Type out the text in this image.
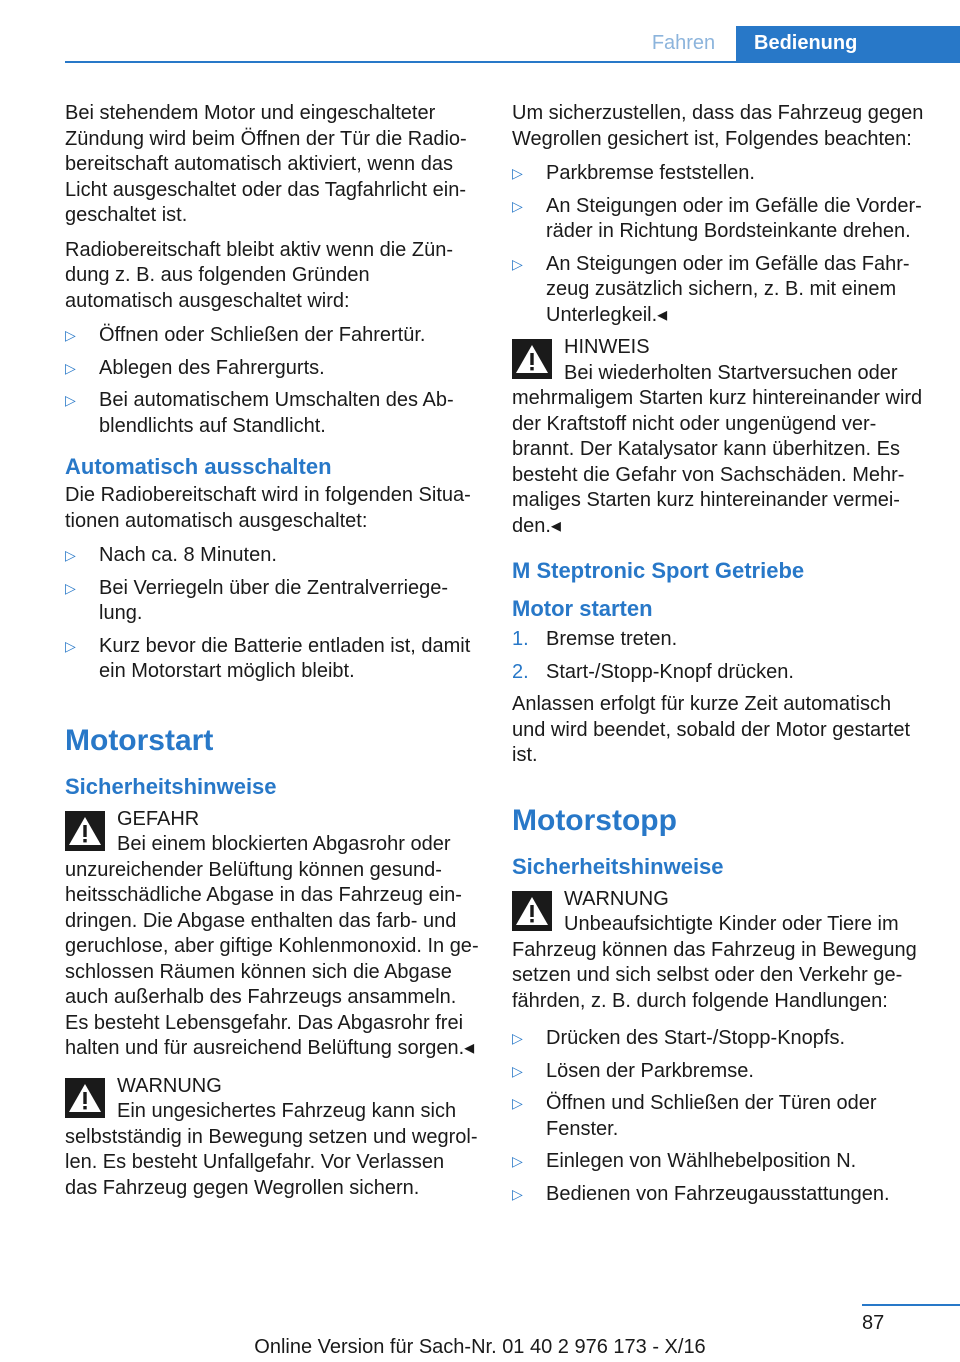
Fahren	Bedienung
Bei stehendem Motor und eingeschalteter Zündung wird beim Öffnen der Tür die Radiobereitschaft automatisch aktiviert, wenn das Licht ausgeschaltet oder das Tagfahrlicht eingeschaltet ist.
Radiobereitschaft bleibt aktiv wenn die Zündung z. B. aus folgenden Gründen automatisch ausgeschaltet wird:
▷ Öffnen oder Schließen der Fahrertür.
▷ Ablegen des Fahrergurts.
▷ Bei automatischem Umschalten des Abblendlichts auf Standlicht.
Automatisch ausschalten
Die Radiobereitschaft wird in folgenden Situationen automatisch ausgeschaltet:
▷ Nach ca. 8 Minuten.
▷ Bei Verriegeln über die Zentralverriegelung.
▷ Kurz bevor die Batterie entladen ist, damit ein Motorstart möglich bleibt.
Motorstart
Sicherheitshinweise
GEFAHR
Bei einem blockierten Abgasrohr oder
unzureichender Belüftung können gesundheitsschädliche Abgase in das Fahrzeug eindringen. Die Abgase enthalten das farb- und geruchlose, aber giftige Kohlenmonoxid. In geschlossen Räumen können sich die Abgase auch außerhalb des Fahrzeugs ansammeln. Es besteht Lebensgefahr. Das Abgasrohr frei halten und für ausreichend Belüftung sorgen.◂
WARNUNG
Ein ungesichertes Fahrzeug kann sich
selbstständig in Bewegung setzen und wegrollen. Es besteht Unfallgefahr. Vor Verlassen das Fahrzeug gegen Wegrollen sichern.
Um sicherzustellen, dass das Fahrzeug gegen Wegrollen gesichert ist, Folgendes beachten:
▷ Parkbremse feststellen.
▷ An Steigungen oder im Gefälle die Vorderräder in Richtung Bordsteinkante drehen.
▷ An Steigungen oder im Gefälle das Fahrzeug zusätzlich sichern, z. B. mit einem Unterlegkeil.◂
HINWEIS
Bei wiederholten Startversuchen oder
mehrmaligem Starten kurz hintereinander wird der Kraftstoff nicht oder ungenügend verbrannt. Der Katalysator kann überhitzen. Es besteht die Gefahr von Sachschäden. Mehrmaliges Starten kurz hintereinander vermeiden.◂
M Steptronic Sport Getriebe
Motor starten
1. Bremse treten.
2. Start-/Stopp-Knopf drücken.
Anlassen erfolgt für kurze Zeit automatisch und wird beendet, sobald der Motor gestartet ist.
Motorstopp
Sicherheitshinweise
WARNUNG
Unbeaufsichtigte Kinder oder Tiere im
Fahrzeug können das Fahrzeug in Bewegung setzen und sich selbst oder den Verkehr gefährden, z. B. durch folgende Handlungen:
▷ Drücken des Start-/Stopp-Knopfs.
▷ Lösen der Parkbremse.
▷ Öffnen und Schließen der Türen oder Fenster.
▷ Einlegen von Wählhebelposition N.
▷ Bedienen von Fahrzeugausstattungen.
87
Online Version für Sach-Nr. 01 40 2 976 173 - X/16
